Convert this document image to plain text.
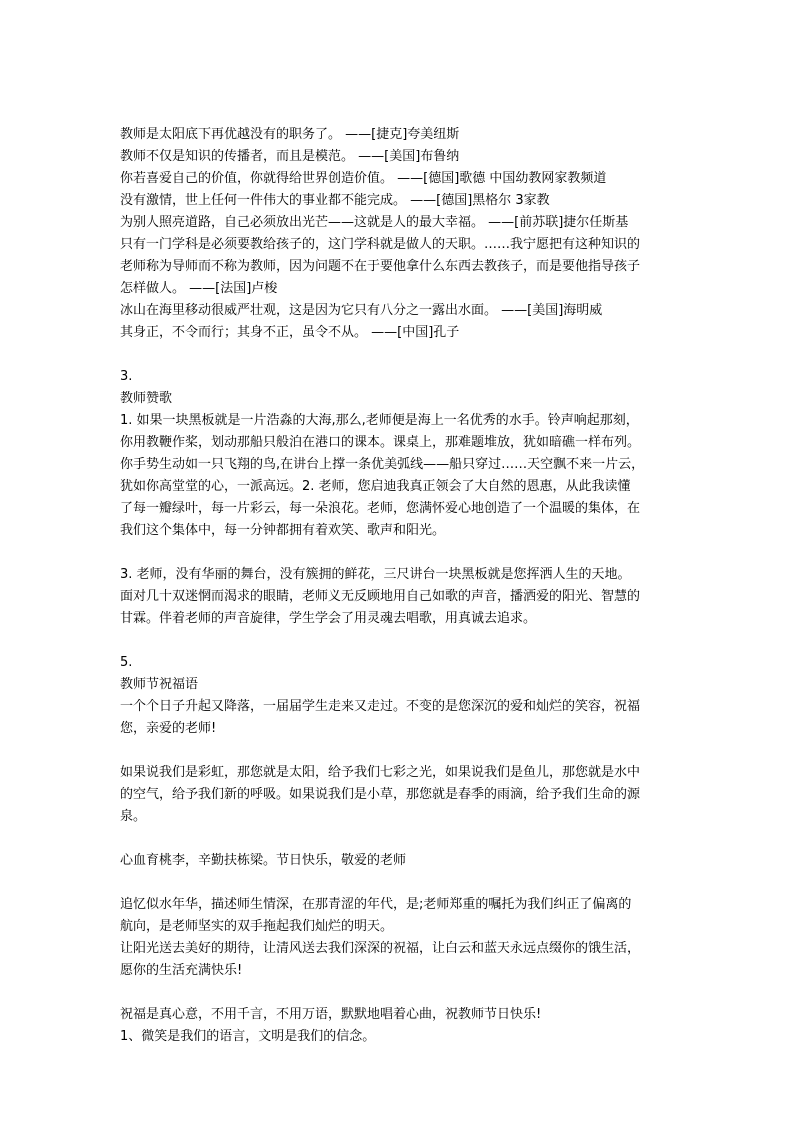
教师是太阳底下再优越没有的职务了。 ——[捷克]夸美纽斯
教师不仅是知识的传播者，而且是模范。 ——[美国]布鲁纳
你若喜爱自己的价值，你就得给世界创造价值。 ——[德国]歌德 中国幼教网家教频道
没有激情，世上任何一件伟大的事业都不能完成。 ——[德国]黑格尔 3家教
为别人照亮道路，自己必须放出光芒——这就是人的最大幸福。 ——[前苏联]捷尔任斯基
只有一门学科是必须要教给孩子的，这门学科就是做人的天职。……我宁愿把有这种知识的
老师称为导师而不称为教师，因为问题不在于要他拿什么东西去教孩子，而是要他指导孩子
怎样做人。 ——[法国]卢梭
冰山在海里移动很威严壮观，这是因为它只有八分之一露出水面。 ——[美国]海明威
其身正，不令而行；其身不正，虽令不从。 ——[中国]孔子
3.
教师赞歌
1. 如果一块黑板就是一片浩淼的大海,那么,老师便是海上一名优秀的水手。铃声响起那刻，
你用教鞭作桨，划动那船只般泊在港口的课本。课桌上，那难题堆放，犹如暗礁一样布列。
你手势生动如一只飞翔的鸟,在讲台上撑一条优美弧线——船只穿过……天空飘不来一片云，
犹如你高堂堂的心，一派高远。2. 老师，您启迪我真正领会了大自然的恩惠，从此我读懂
了每一瓣绿叶，每一片彩云，每一朵浪花。老师，您满怀爱心地创造了一个温暖的集体，在
我们这个集体中，每一分钟都拥有着欢笑、歌声和阳光。
3. 老师，没有华丽的舞台，没有簇拥的鲜花，三尺讲台一块黑板就是您挥洒人生的天地。
面对几十双迷惘而渴求的眼睛，老师义无反顾地用自己如歌的声音，播洒爱的阳光、智慧的
甘霖。伴着老师的声音旋律，学生学会了用灵魂去唱歌，用真诚去追求。
5.
教师节祝福语
一个个日子升起又降落，一届届学生走来又走过。不变的是您深沉的爱和灿烂的笑容，祝福
您，亲爱的老师!
如果说我们是彩虹，那您就是太阳，给予我们七彩之光，如果说我们是鱼儿，那您就是水中
的空气，给予我们新的呼吸。如果说我们是小草，那您就是春季的雨滴，给予我们生命的源
泉。
心血育桃李，辛勤扶栋梁。节日快乐，敬爱的老师
追忆似水年华，描述师生情深，在那青涩的年代，是;老师郑重的嘱托为我们纠正了偏离的
航向，是老师坚实的双手拖起我们灿烂的明天。
让阳光送去美好的期待，让清风送去我们深深的祝福，让白云和蓝天永远点缀你的饿生活，
愿你的生活充满快乐!
祝福是真心意，不用千言，不用万语，默默地唱着心曲，祝教师节日快乐!
1、微笑是我们的语言，文明是我们的信念。
